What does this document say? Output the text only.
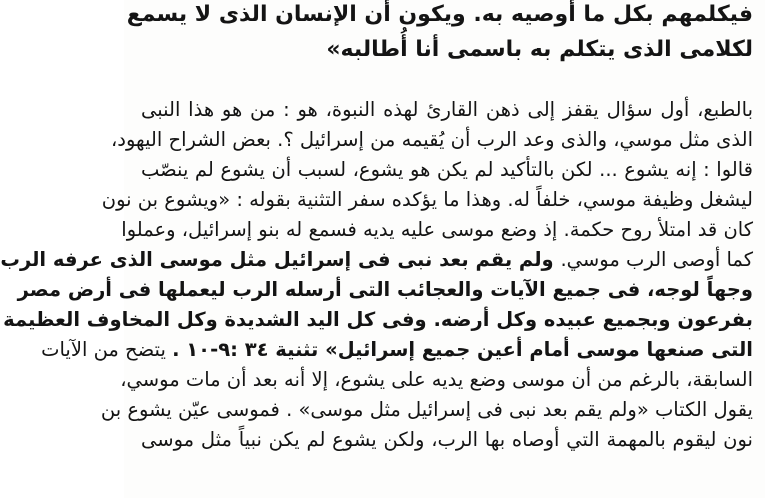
فيكلمهم بكل ما أوصيه به. ويكون أن الإنسان الذى لا يسمع

لكلامى الذى يتكلم به باسمى أنا أُطالبه»

بالطبع، أول سؤال يقفز إلى ذهن القارئ لهذه النبوة، هو : من هو هذا النبى

الذى مثل موسي، والذى وعد الرب أن يُقيمه من إسرائيل ؟. بعض الشراح اليهود،

قالوا : إنه يشوع ... لكن بالتأكيد لم يكن هو يشوع، لسبب أن يشوع لم ينصّب

ليشغل وظيفة موسي، خلفاً له. وهذا ما يؤكده سفر التثنية بقوله : «ويشوع بن نون

كان قد امتلأ روح حكمة. إذ وضع موسى عليه يديه فسمع له بنو إسرائيل، وعملوا

كما أوصى الرب موسي. ولم يقم بعد نبى فى إسرائيل مثل موسى الذى عرفه الرب

وجهاً لوجه، فى جميع الآيات والعجائب التى أرسله الرب ليعملها فى أرض مصر

بفرعون وبجميع عبيده وكل أرضه. وفى كل اليد الشديدة وكل المخاوف العظيمة

التى صنعها موسى أمام أعين جميع إسرائيل» تثنية ٣٤ :٩-١٠ . يتضح من الآيات

السابقة، بالرغم من أن موسى وضع يديه على يشوع، إلا أنه بعد أن مات موسي،

يقول الكتاب «ولم يقم بعد نبى فى إسرائيل مثل موسى» . فموسى عيّن يشوع بن

نون ليقوم بالمهمة التي أوصاه بها الرب، ولكن يشوع لم يكن نبياً مثل موسى
